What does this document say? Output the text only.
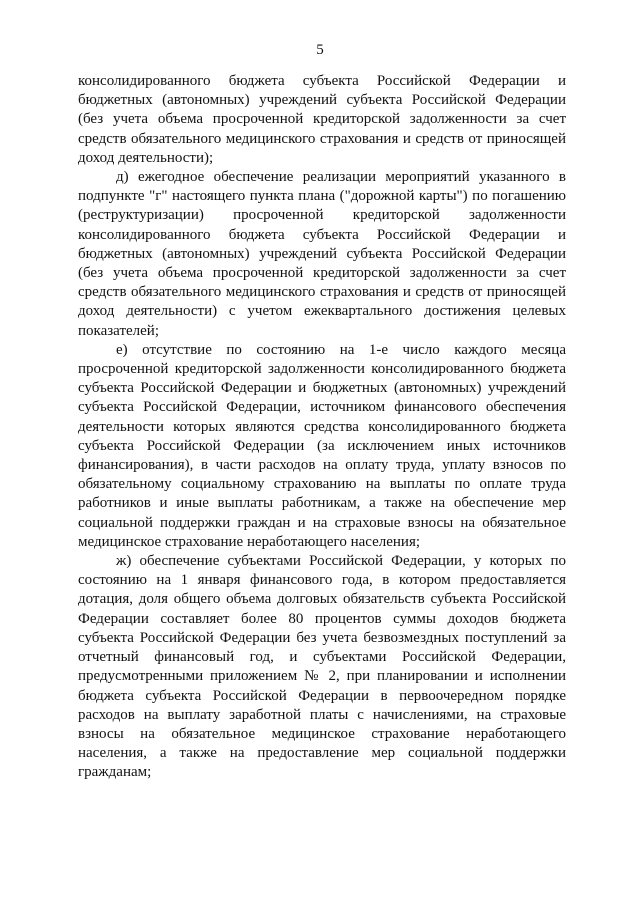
5

консолидированного бюджета субъекта Российской Федерации и бюджетных (автономных) учреждений субъекта Российской Федерации (без учета объема просроченной кредиторской задолженности за счет средств обязательного медицинского страхования и средств от приносящей доход деятельности);

д) ежегодное обеспечение реализации мероприятий указанного в подпункте "г" настоящего пункта плана ("дорожной карты") по погашению (реструктуризации) просроченной кредиторской задолженности консолидированного бюджета субъекта Российской Федерации и бюджетных (автономных) учреждений субъекта Российской Федерации (без учета объема просроченной кредиторской задолженности за счет средств обязательного медицинского страхования и средств от приносящей доход деятельности) с учетом ежеквартального достижения целевых показателей;

е) отсутствие по состоянию на 1-е число каждого месяца просроченной кредиторской задолженности консолидированного бюджета субъекта Российской Федерации и бюджетных (автономных) учреждений субъекта Российской Федерации, источником финансового обеспечения деятельности которых являются средства консолидированного бюджета субъекта Российской Федерации (за исключением иных источников финансирования), в части расходов на оплату труда, уплату взносов по обязательному социальному страхованию на выплаты по оплате труда работников и иные выплаты работникам, а также на обеспечение мер социальной поддержки граждан и на страховые взносы на обязательное медицинское страхование неработающего населения;

ж) обеспечение субъектами Российской Федерации, у которых по состоянию на 1 января финансового года, в котором предоставляется дотация, доля общего объема долговых обязательств субъекта Российской Федерации составляет более 80 процентов суммы доходов бюджета субъекта Российской Федерации без учета безвозмездных поступлений за отчетный финансовый год, и субъектами Российской Федерации, предусмотренными приложением № 2, при планировании и исполнении бюджета субъекта Российской Федерации в первоочередном порядке расходов на выплату заработной платы с начислениями, на страховые взносы на обязательное медицинское страхование неработающего населения, а также на предоставление мер социальной поддержки гражданам;
